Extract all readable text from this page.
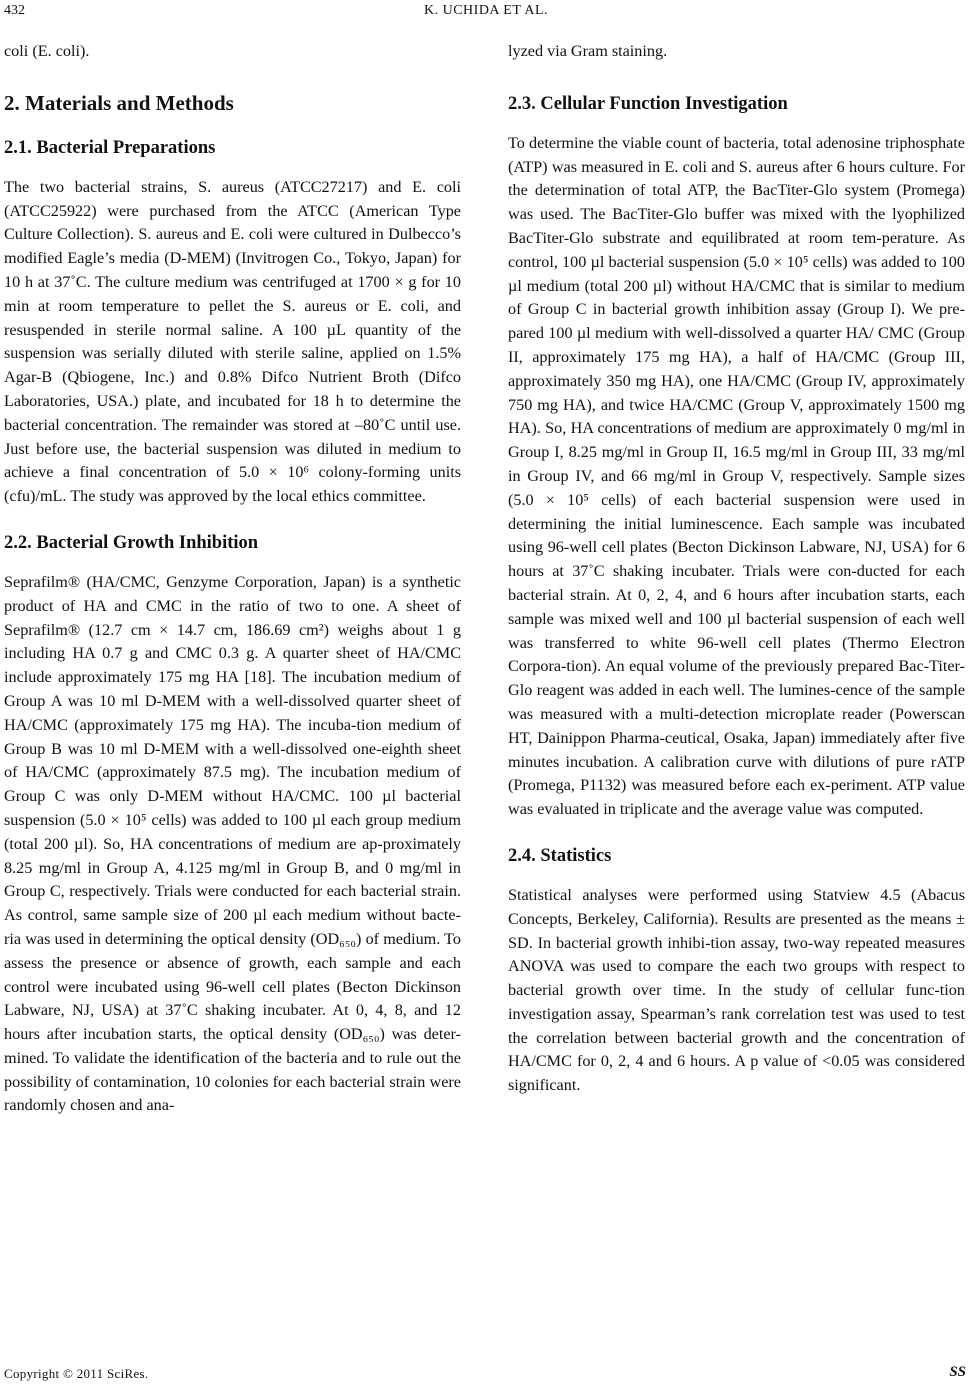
432	K. UCHIDA ET AL.

coli (E. coli).

2. Materials and Methods
2.1. Bacterial Preparations

The two bacterial strains, S. aureus (ATCC27217) and E. coli (ATCC25922) were purchased from the ATCC (American Type Culture Collection). S. aureus and E. coli were cultured in Dulbecco’s modified Eagle’s media (D-MEM) (Invitrogen Co., Tokyo, Japan) for 10 h at 37˚C. The culture medium was centrifuged at 1700 × g for 10 min at room temperature to pellet the S. aureus or E. coli, and resuspended in sterile normal saline. A 100 µL quantity of the suspension was serially diluted with sterile saline, applied on 1.5% Agar-B (Qbiogene, Inc.) and 0.8% Difco Nutrient Broth (Difco Laboratories, USA.) plate, and incubated for 18 h to determine the bacterial concentration. The remainder was stored at –80˚C until use. Just before use, the bacterial suspension was diluted in medium to achieve a final concentration of 5.0 × 10⁶ colony-forming units (cfu)/mL. The study was approved by the local ethics committee.

2.2. Bacterial Growth Inhibition

Seprafilm® (HA/CMC, Genzyme Corporation, Japan) is a synthetic product of HA and CMC in the ratio of two to one. A sheet of Seprafilm® (12.7 cm × 14.7 cm, 186.69 cm²) weighs about 1 g including HA 0.7 g and CMC 0.3 g. A quarter sheet of HA/CMC include approximately 175 mg HA [18]. The incubation medium of Group A was 10 ml D-MEM with a well-dissolved quarter sheet of HA/CMC (approximately 175 mg HA). The incuba-tion medium of Group B was 10 ml D-MEM with a well-dissolved one-eighth sheet of HA/CMC (approximately 87.5 mg). The incubation medium of Group C was only D-MEM without HA/CMC. 100 µl bacterial suspension (5.0 × 10⁵ cells) was added to 100 µl each group medium (total 200 µl). So, HA concentrations of medium are ap-proximately 8.25 mg/ml in Group A, 4.125 mg/ml in Group B, and 0 mg/ml in Group C, respectively. Trials were conducted for each bacterial strain. As control, same sample size of 200 µl each medium without bacte-ria was used in determining the optical density (OD₆₅₀) of medium. To assess the presence or absence of growth, each sample and each control were incubated using 96-well cell plates (Becton Dickinson Labware, NJ, USA) at 37˚C shaking incubater. At 0, 4, 8, and 12 hours after incubation starts, the optical density (OD₆₅₀) was deter-mined. To validate the identification of the bacteria and to rule out the possibility of contamination, 10 colonies for each bacterial strain were randomly chosen and ana-

lyzed via Gram staining.

2.3. Cellular Function Investigation

To determine the viable count of bacteria, total adenosine triphosphate (ATP) was measured in E. coli and S. aureus after 6 hours culture. For the determination of total ATP, the BacTiter-Glo system (Promega) was used. The BacTiter-Glo buffer was mixed with the lyophilized BacTiter-Glo substrate and equilibrated at room tem-perature. As control, 100 µl bacterial suspension (5.0 × 10⁵ cells) was added to 100 µl medium (total 200 µl) without HA/CMC that is similar to medium of Group C in bacterial growth inhibition assay (Group I). We pre-pared 100 µl medium with well-dissolved a quarter HA/ CMC (Group II, approximately 175 mg HA), a half of HA/CMC (Group III, approximately 350 mg HA), one HA/CMC (Group IV, approximately 750 mg HA), and twice HA/CMC (Group V, approximately 1500 mg HA). So, HA concentrations of medium are approximately 0 mg/ml in Group I, 8.25 mg/ml in Group II, 16.5 mg/ml in Group III, 33 mg/ml in Group IV, and 66 mg/ml in Group V, respectively. Sample sizes (5.0 × 10⁵ cells) of each bacterial suspension were used in determining the initial luminescence. Each sample was incubated using 96-well cell plates (Becton Dickinson Labware, NJ, USA) for 6 hours at 37˚C shaking incubater. Trials were con-ducted for each bacterial strain. At 0, 2, 4, and 6 hours after incubation starts, each sample was mixed well and 100 µl bacterial suspension of each well was transferred to white 96-well cell plates (Thermo Electron Corpora-tion). An equal volume of the previously prepared Bac-Titer-Glo reagent was added in each well. The lumines-cence of the sample was measured with a multi-detection microplate reader (Powerscan HT, Dainippon Pharma-ceutical, Osaka, Japan) immediately after five minutes incubation. A calibration curve with dilutions of pure rATP (Promega, P1132) was measured before each ex-periment. ATP value was evaluated in triplicate and the average value was computed.

2.4. Statistics

Statistical analyses were performed using Statview 4.5 (Abacus Concepts, Berkeley, California). Results are presented as the means ± SD. In bacterial growth inhibi-tion assay, two-way repeated measures ANOVA was used to compare the each two groups with respect to bacterial growth over time. In the study of cellular func-tion investigation assay, Spearman’s rank correlation test was used to test the correlation between bacterial growth and the concentration of HA/CMC for 0, 2, 4 and 6 hours. A p value of <0.05 was considered significant.

Copyright © 2011 SciRes.	SS
